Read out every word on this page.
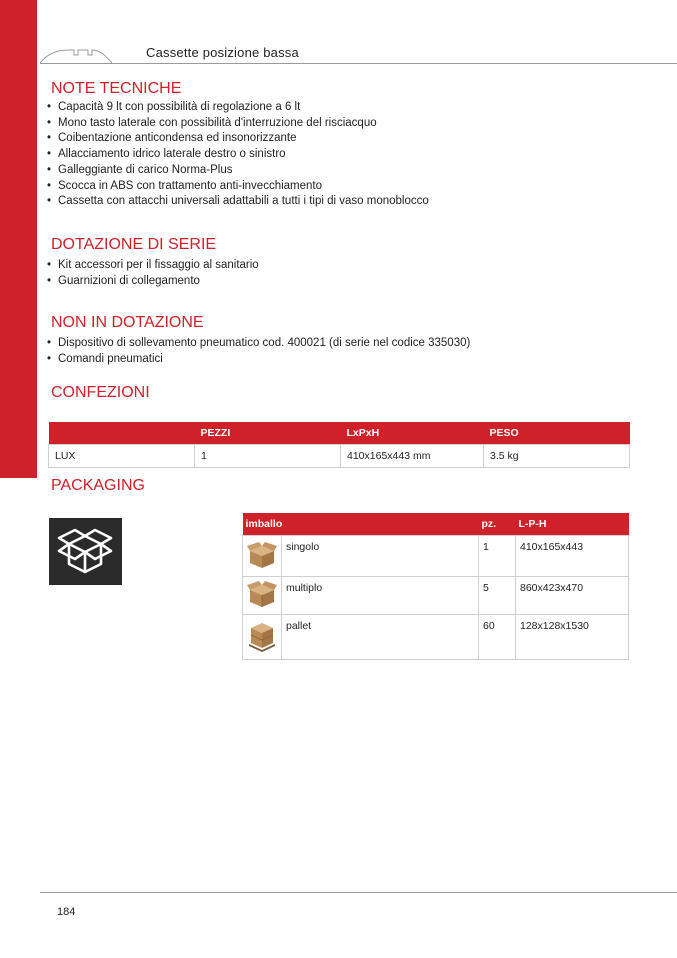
Cassette posizione bassa
NOTE TECNICHE
• Capacità 9 lt con possibilità di regolazione a 6 lt
• Mono tasto laterale con possibilità d'interruzione del risciacquo
• Coibentazione anticondensa ed insonorizzante
• Allacciamento idrico laterale destro o sinistro
• Galleggiante di carico Norma-Plus
• Scocca in ABS con trattamento anti-invecchiamento
• Cassetta con attacchi universali adattabili a tutti i tipi di vaso monoblocco
DOTAZIONE DI SERIE
• Kit accessori per il fissaggio al sanitario
• Guarnizioni di collegamento
NON IN DOTAZIONE
• Dispositivo di sollevamento pneumatico cod. 400021 (di serie nel codice 335030)
• Comandi pneumatici
CONFEZIONI
	PEZZI	LxPxH	PESO
LUX	1	410x165x443 mm	3.5 kg
PACKAGING
imballo		pz.	L-P-H
	singolo	1	410x165x443
	multiplo	5	860x423x470
	pallet	60	128x128x1530
184
